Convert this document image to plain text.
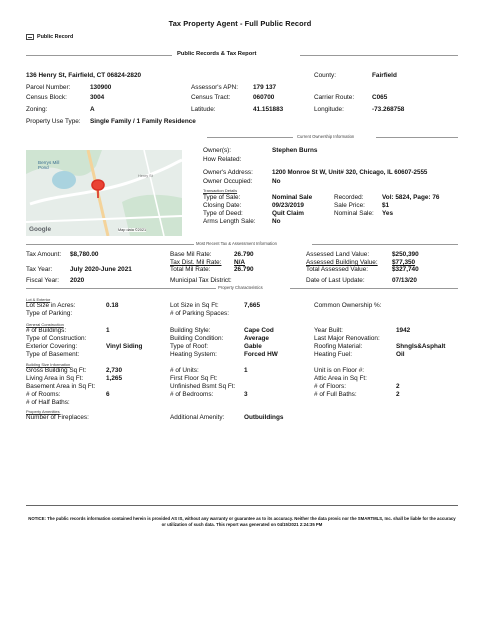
Tax Property Agent - Full Public Record
Public Record
Public Records & Tax Report
136 Henry St, Fairfield, CT 06824-2820	County:	Fairfield
Parcel Number:	130900	Assessor's APN: 179 137
Census Block:	3004	Census Tract:	060700	Carrier Route:	C065
Zoning:	A	Latitude:	41.151883	Longitude:	-73.268758
Property Use Type: Single Family / 1 Family Residence
Current Ownership Information
Berrys Mill Pond
Henry St
Google	Map data ©2021
Owner(s):	Stephen Burns
How Related:
Owner's Address:	1200 Monroe St W, Unit# 320, Chicago, IL 60607-2555
Owner Occupied:	No
Transaction Details
Type of Sale:	Nominal Sale	Recorded:	Vol: 5824, Page: 76
Closing Date:	09/23/2019	Sale Price:	$1
Type of Deed:	Quit Claim	Nominal Sale: Yes
Arms Length Sale:	No
Most Recent Tax & Assessment Information
Tax Amount: $8,780.00	Base Mil Rate:	26.790	Assessed Land Value:	$250,390
Tax Dist. Mil Rate: N/A	Assessed Building Value: $77,350
Tax Year:	July 2020-June 2021	Total Mil Rate:	26.790	Total Assessed Value:	$327,740
Fiscal Year: 2020	Municipal Tax District:	Date of Last Update:	07/13/20
Property Characteristics
Lot & Exterior
Lot Size in Acres:	0.18	Lot Size in Sq Ft:	7,665	Common Ownership %:
Type of Parking:	# of Parking Spaces:
General Construction
# of Buildings:	1	Building Style:	Cape Cod	Year Built:	1942
Type of Construction:	Building Condition:	Average	Last Major Renovation:
Exterior Covering:	Vinyl Siding	Type of Roof:	Gable	Roofing Material:	Shngls&Asphalt
Type of Basement:	Heating System:	Forced HW	Heating Fuel:	Oil
Building Size Information
Gross Building Sq Ft:	2,730	# of Units:	1	Unit is on Floor #:
Living Area in Sq Ft:	1,265	First Floor Sq Ft:	Attic Area in Sq Ft:
Basement Area in Sq Ft:	Unfinished Bsmt Sq Ft:	# of Floors:	2
# of Rooms:	6	# of Bedrooms:	3	# of Full Baths:	2
# of Half Baths:
Property Amenities
Number of Fireplaces:	Additional Amenity:	Outbuildings
NOTICE: The public records information contained herein is provided AS IS, without any warranty or guarantee as to its accuracy. Neither the data provic nor the SMARTMLS, Inc. shall be liable for the accuracy or utilization of such data. This report was generated on 04/15/2021 2:24:35 PM
